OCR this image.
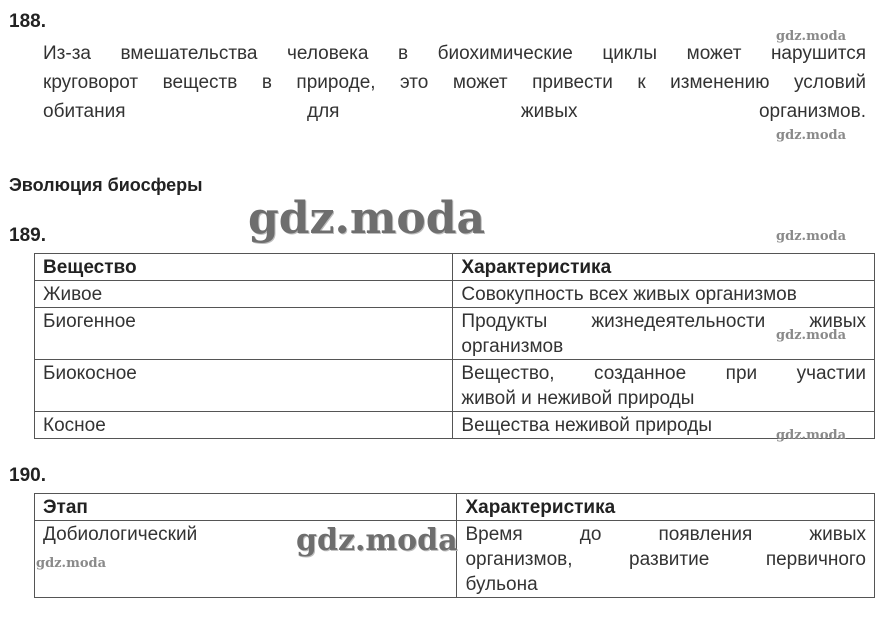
188.
Из-за вмешательства человека в биохимические циклы может нарушится
круговорот веществ в природе, это может привести к изменению условий
обитания для живых организмов.
Эволюция биосферы
189.
Вещество	Характеристика
Живое	Совокупность всех живых организмов
Биогенное	Продукты жизнедеятельности живых
организмов

Биокосное	Вещество, созданное при участии
живой и неживой природы

Косное	Вещества неживой природы
190.
Этап	Характеристика
Добиологический	Время до появления живых
организмов, развитие первичного
бульона
gdz.moda
gdz.moda
gdz.moda
gdz.moda
gdz.moda
gdz.moda
gdz.moda
gdz.moda
